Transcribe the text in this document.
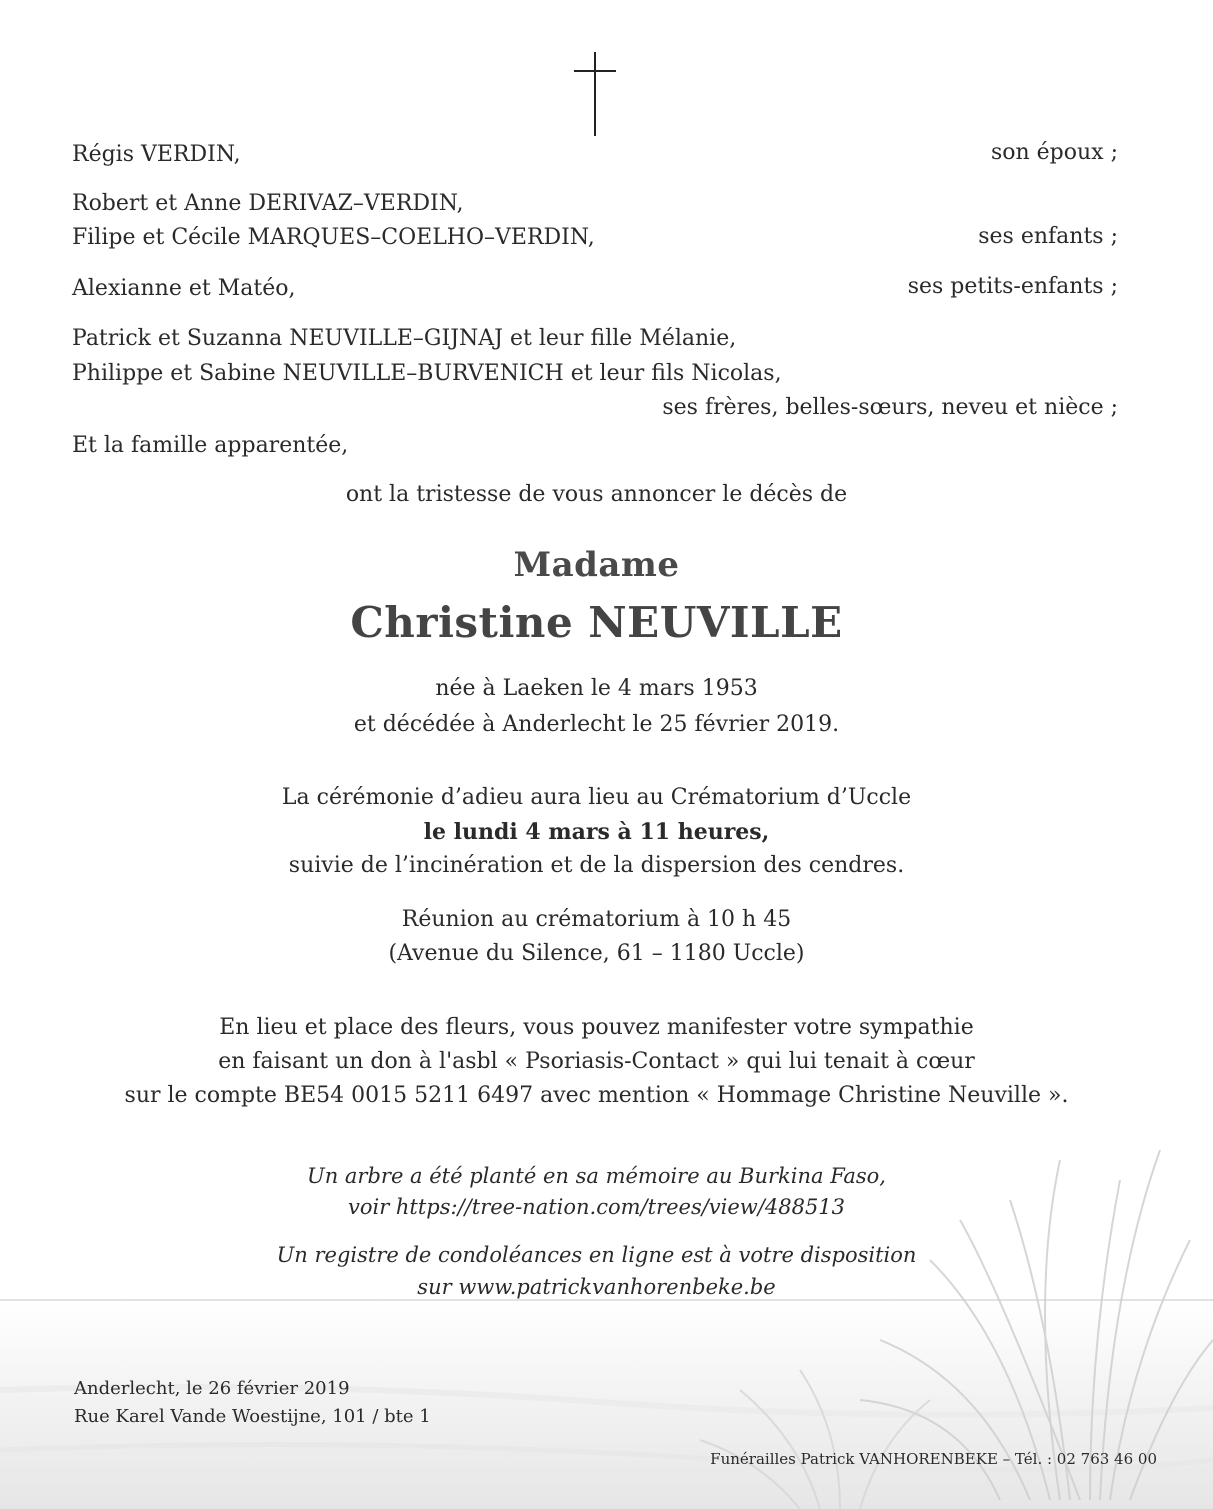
Régis VERDIN,	son époux ;
Robert et Anne DERIVAZ–VERDIN,
Filipe et Cécile MARQUES–COELHO–VERDIN,	ses enfants ;
Alexianne et Matéo,	ses petits-enfants ;
Patrick et Suzanna NEUVILLE–GIJNAJ et leur fille Mélanie,
Philippe et Sabine NEUVILLE–BURVENICH et leur fils Nicolas,
ses frères, belles-sœurs, neveu et nièce ;
Et la famille apparentée,
ont la tristesse de vous annoncer le décès de
Madame
Christine NEUVILLE
née à Laeken le 4 mars 1953
et décédée à Anderlecht le 25 février 2019.
La cérémonie d’adieu aura lieu au Crématorium d’Uccle
le lundi 4 mars à 11 heures,
suivie de l’incinération et de la dispersion des cendres.
Réunion au crématorium à 10 h 45
(Avenue du Silence, 61 – 1180 Uccle)
En lieu et place des fleurs, vous pouvez manifester votre sympathie
en faisant un don à l'asbl « Psoriasis-Contact » qui lui tenait à cœur
sur le compte BE54 0015 5211 6497 avec mention « Hommage Christine Neuville ».
Un arbre a été planté en sa mémoire au Burkina Faso,
voir https://tree-nation.com/trees/view/488513
Un registre de condoléances en ligne est à votre disposition
sur www.patrickvanhorenbeke.be
Anderlecht, le 26 février 2019
Rue Karel Vande Woestijne, 101 / bte 1
Funérailles Patrick VANHORENBEKE – Tél. : 02 763 46 00
